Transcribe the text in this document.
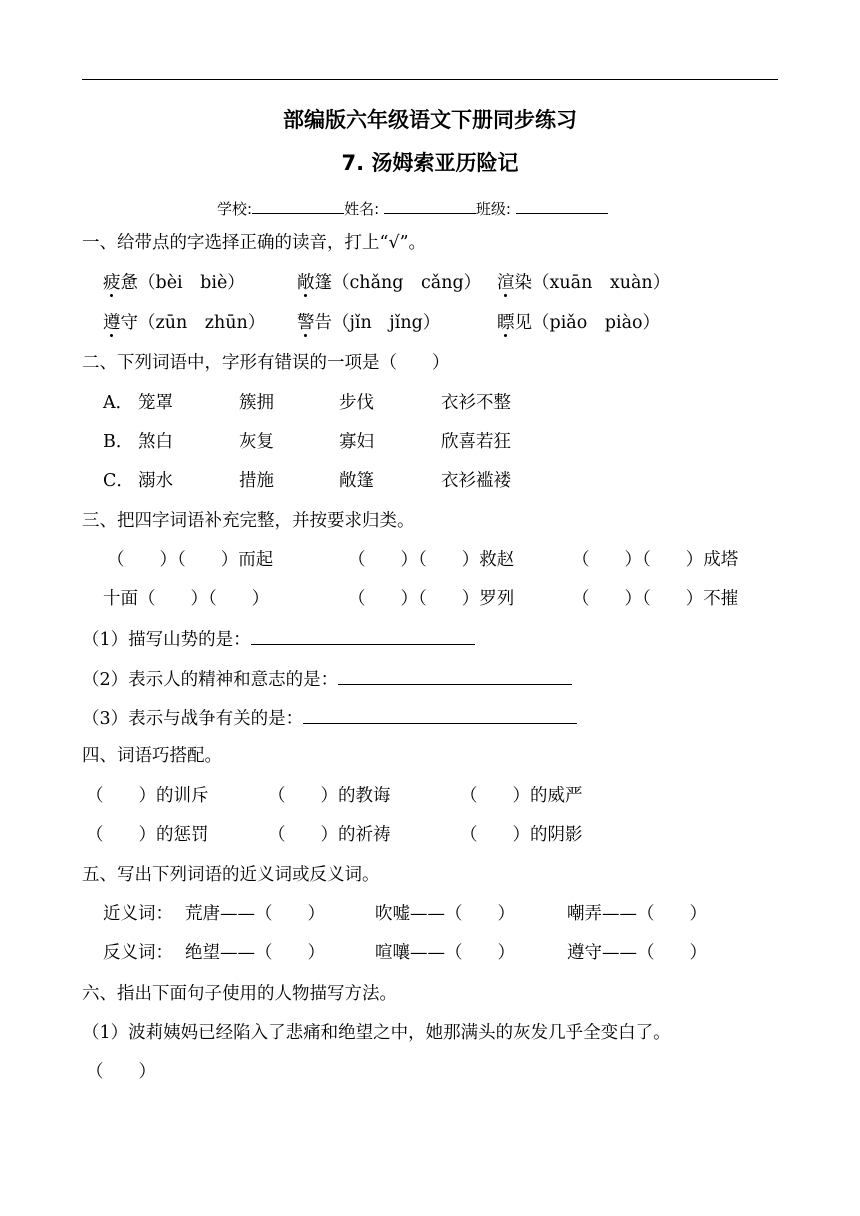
部编版六年级语文下册同步练习
7. 汤姆索亚历险记
学校:	姓名:	班级:
一、给带点的字选择正确的读音，打上“√”。
疲惫（bèi　biè）	敞篷（chǎng　cǎng） 渲染（xuān　xuàn）
遵守（zūn　zhūn） 警告（jǐn　jǐng）	瞟见（piǎo　piào）
二、下列词语中，字形有错误的一项是（　　）
A． 笼罩	簇拥	步伐	衣衫不整
B． 煞白	灰复	寡妇	欣喜若狂
C． 溺水	措施	敞篷	衣衫褴褛
三、把四字词语补充完整，并按要求归类。
（　　）（　　）而起	（　　）（　　）救赵	（　　）（　　）成塔
十面（　　）（　　）	（　　）（　　）罗列	（　　）（　　）不摧
（1）描写山势的是：
（2）表示人的精神和意志的是：
（3）表示与战争有关的是：
四、词语巧搭配。
（　　）的训斥	（　　）的教诲	（　　）的威严
（　　）的惩罚	（　　）的祈祷	（　　）的阴影
五、写出下列词语的近义词或反义词。
近义词： 荒唐——（　　）	吹嘘——（　　）	嘲弄——（　　）
反义词： 绝望——（　　）	喧嚷——（　　）	遵守——（　　）
六、指出下面句子使用的人物描写方法。
（1）波莉姨妈已经陷入了悲痛和绝望之中，她那满头的灰发几乎全变白了。
（　　）
